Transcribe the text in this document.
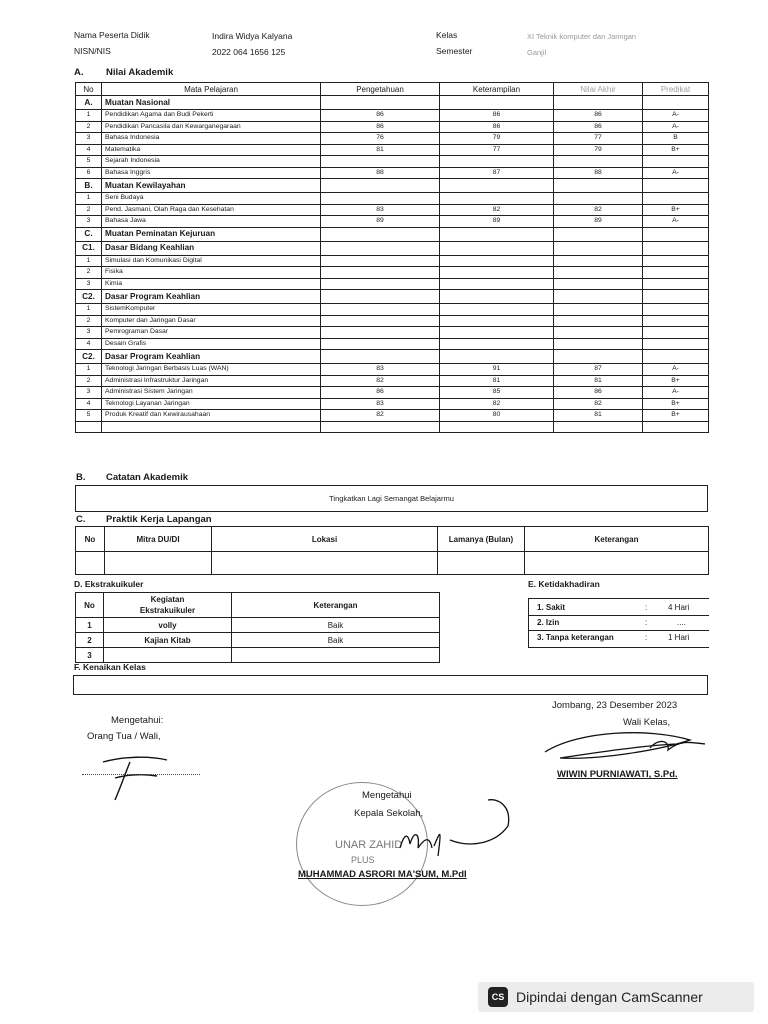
Nama Peserta Didik	Indira Widya Kalyana
NISN/NIS	2022 064 1656 125
Kelas	XI Teknik komputer dan Jaringan
Semester	Ganjil
A. Nilai Akademik
No	Mata Pelajaran	Pengetahuan	Keterampilan	Nilai Akhir	Predikat
A.	Muatan Nasional				
1	Pendidikan Agama dan Budi Pekerti	86	86	86	A-
2	Pendidikan Pancasila dan Kewarganegaraan	86	86	86	A-
3	Bahasa Indonesia	76	79	77	B
4	Matematika	81	77	79	B+
5	Sejarah Indonesia				
6	Bahasa Inggris	88	87	88	A-
B.	Muatan Kewilayahan				
1	Seni Budaya				
2	Pend. Jasmani, Olah Raga dan Kesehatan	83	82	82	B+
3	Bahasa Jawa	89	89	89	A-
C.	Muatan Peminatan Kejuruan				
C1.	Dasar Bidang Keahlian				
1	Simulasi dan Komunikasi Digital				
2	Fisika				
3	Kimia				
C2.	Dasar Program Keahlian				
1	SistemKomputer				
2	Komputer dan Jaringan Dasar				
3	Pemrograman Dasar				
4	Desain Grafis				
C2.	Dasar Program Keahlian				
1	Teknologi Jaringan Berbasis Luas (WAN)	83	91	87	A-
2	Administrasi Infrastruktur Jaringan	82	81	81	B+
3	Administrasi Sistem Jaringan	86	85	86	A-
4	Teknologi Layanan Jaringan	83	82	82	B+
5	Produk Kreatif dan Kewirausahaan	82	80	81	B+

B. Catatan Akademik
Tingkatkan Lagi Semangat Belajarmu
C. Praktik Kerja Lapangan
No	Mitra DU/DI	Lokasi	Lamanya (Bulan)	Keterangan

D. Ekstrakuikuler
No	Kegiatan
Ekstrakuikuler	Keterangan
1	volly	Baik
2	Kajian Kitab	Baik
3		
E. Ketidakhadiran
1. Sakit	:	4 Hari
2. Izin	:	....
3. Tanpa keterangan	:	1 Hari
F. Kenaikan Kelas
Jombang, 23 Desember 2023
Wali Kelas,
WIWIN PURNIAWATI, S.Pd.
Mengetahui:
Orang Tua / Wali,
UNAR ZAHID
PLUS
Mengetahui
Kepala Sekolah,
MUHAMMAD ASRORI MA'SUM, M.PdI
CS Dipindai dengan CamScanner
